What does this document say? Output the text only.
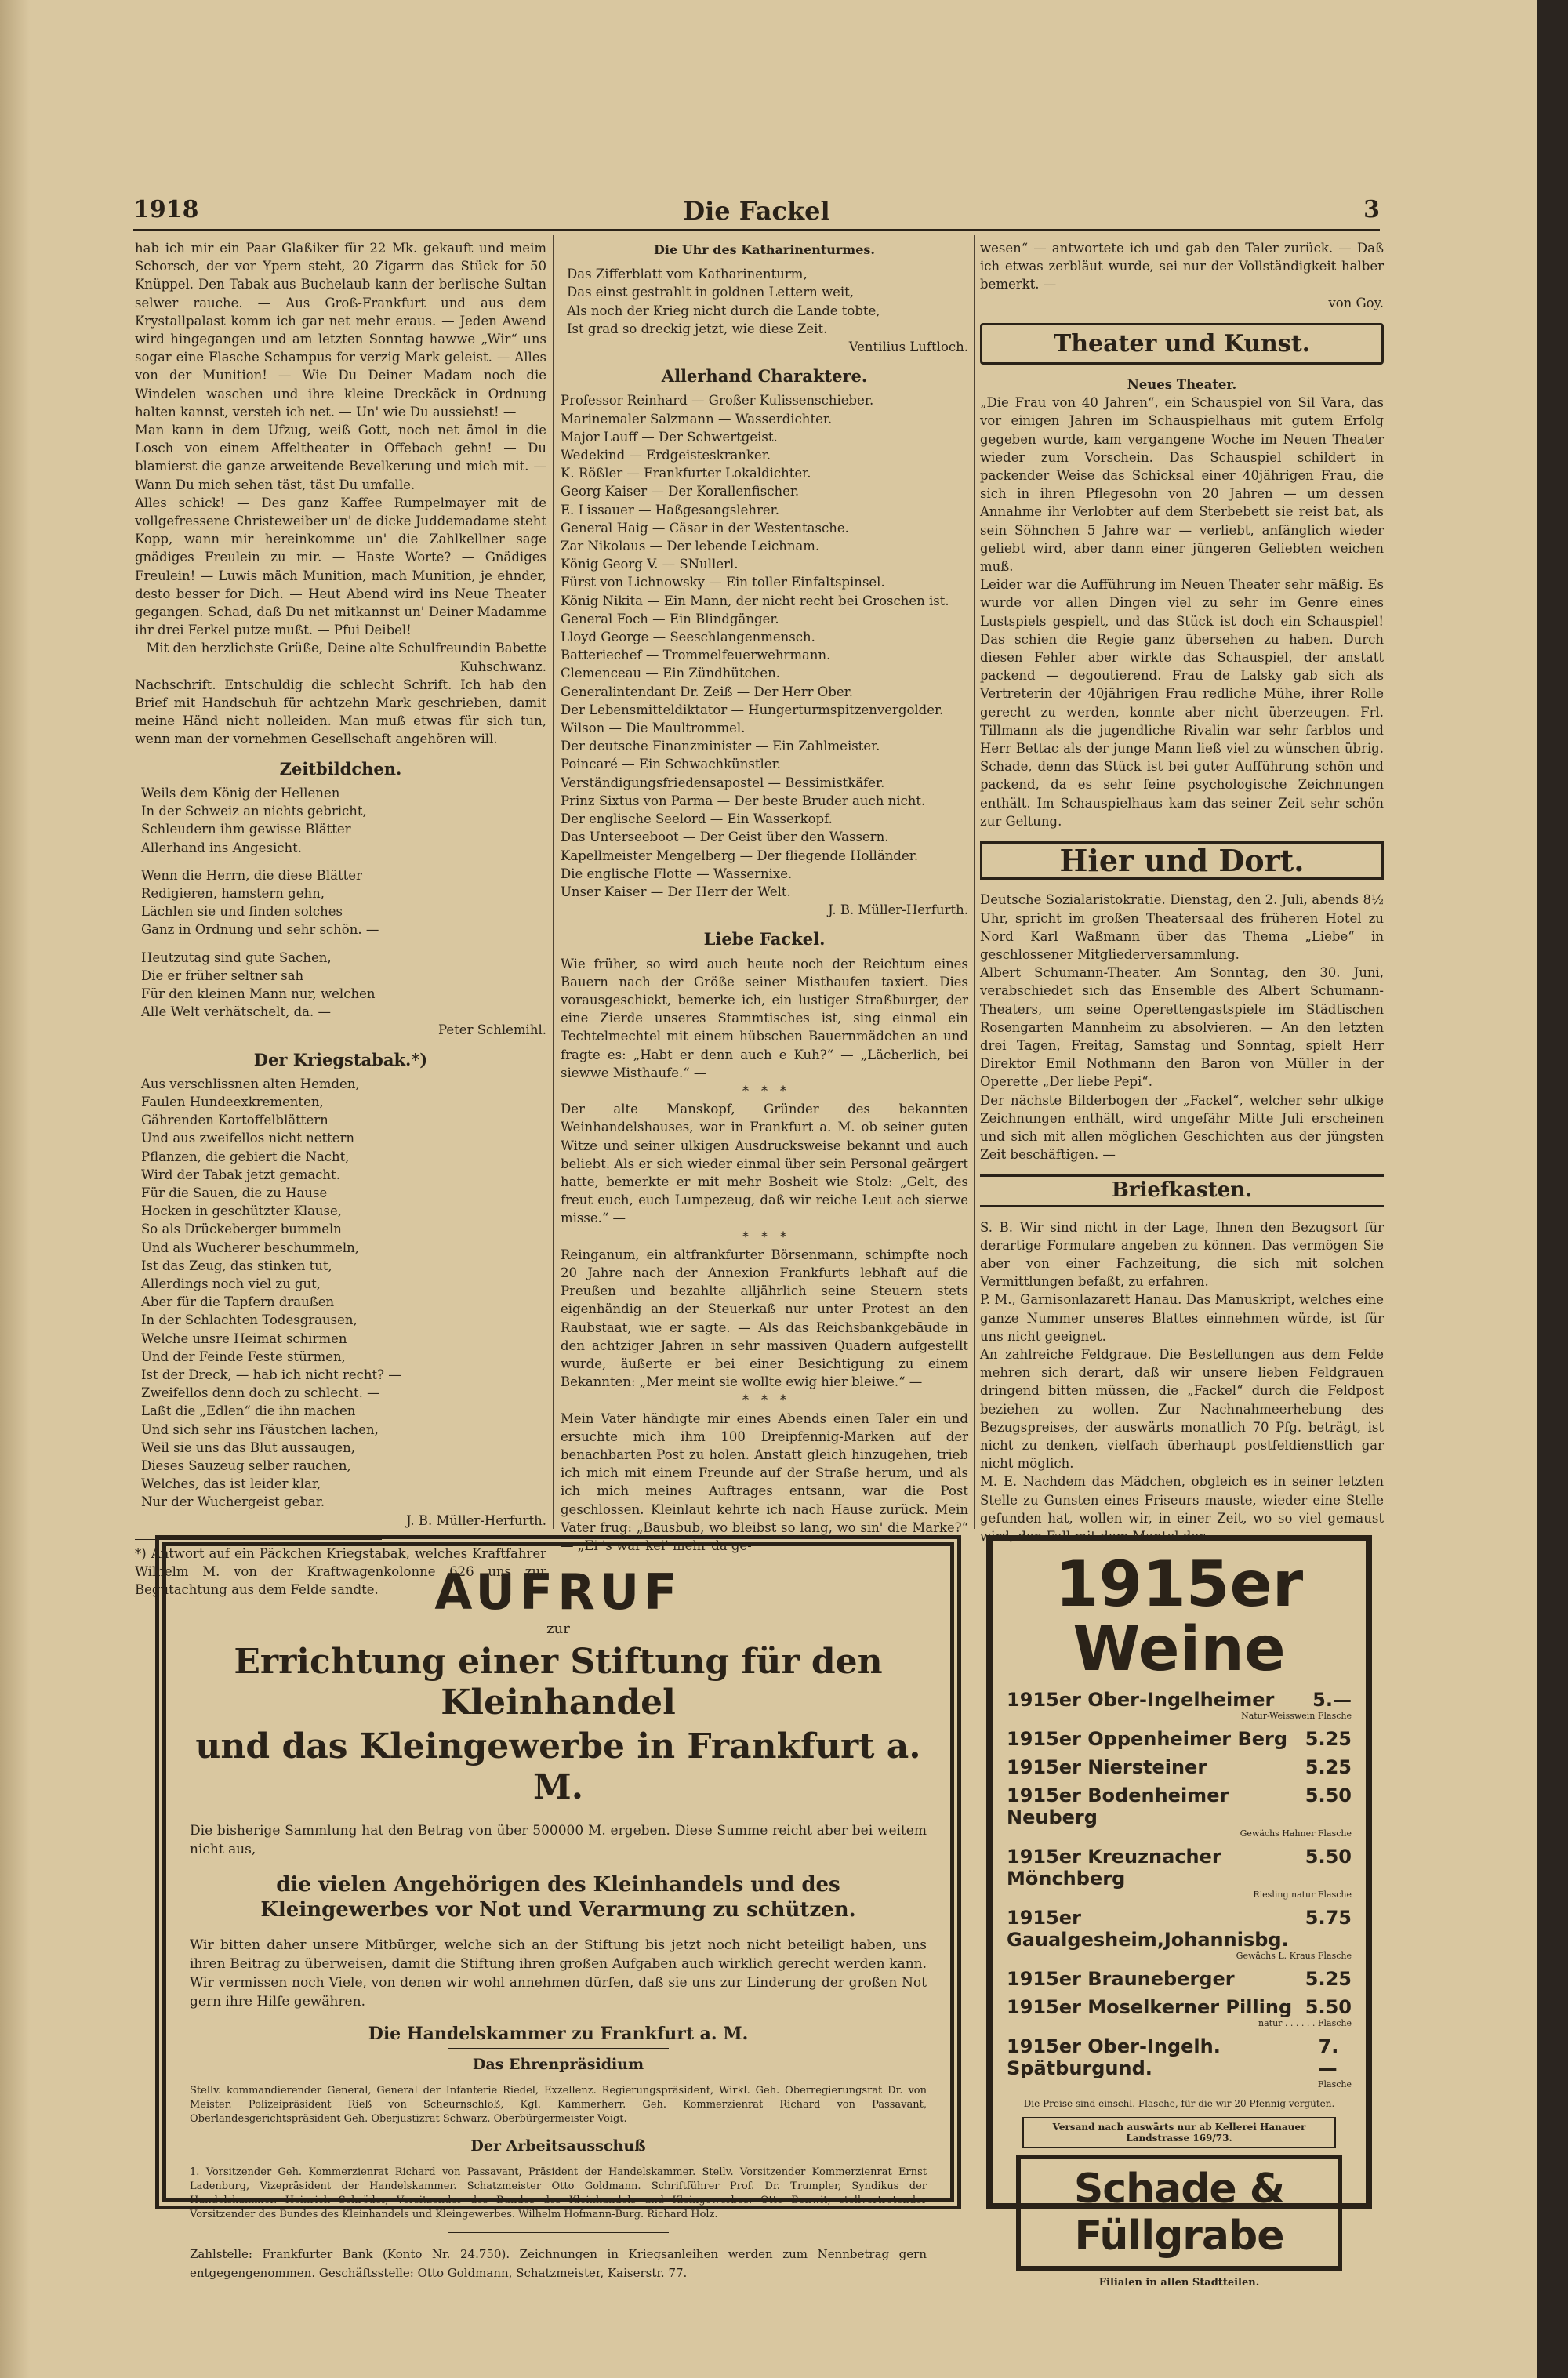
1918	Die Fackel	3

hab ich mir ein Paar Glaßiker für 22 Mk. gekauft und meim Schorsch, der vor Ypern steht, 20 Zigarrn das Stück for 50 Knüppel. Den Tabak aus Buchelaub kann der berlische Sultan selwer rauche. — Aus Groß-Frankfurt und aus dem Krystallpalast komm ich gar net mehr eraus. — Jeden Awend wird hingegangen und am letzten Sonntag hawwe „Wir“ uns sogar eine Flasche Schampus for verzig Mark geleist. — Alles von der Munition! — Wie Du Deiner Madam noch die Windelen waschen und ihre kleine Dreckäck in Ordnung halten kannst, versteh ich net. — Un' wie Du aussiehst! —

Man kann in dem Ufzug, weiß Gott, noch net ämol in die Losch von einem Affeltheater in Offebach gehn! — Du blamierst die ganze arweitende Bevelkerung und mich mit. — Wann Du mich sehen täst, täst Du umfalle.

Alles schick! — Des ganz Kaffee Rumpelmayer mit de vollgefressene Christeweiber un' de dicke Juddemadame steht Kopp, wann mir hereinkomme un' die Zahlkellner sage gnädiges Freulein zu mir. — Haste Worte? — Gnädiges Freulein! — Luwis mäch Munition, mach Munition, je ehnder, desto besser for Dich. — Heut Abend wird ins Neue Theater gegangen. Schad, daß Du net mitkannst un' Deiner Madamme ihr drei Ferkel putze mußt. — Pfui Deibel!

Mit den herzlichste Grüße, Deine alte Schulfreundin Babette Kuhschwanz.

Nachschrift. Entschuldig die schlecht Schrift. Ich hab den Brief mit Handschuh für achtzehn Mark geschrieben, damit meine Händ nicht nolleiden. Man muß etwas für sich tun, wenn man der vornehmen Gesellschaft angehören will.

Zeitbildchen.

Weils dem König der Hellenen
In der Schweiz an nichts gebricht,
Schleudern ihm gewisse Blätter
Allerhand ins Angesicht.

Wenn die Herrn, die diese Blätter
Redigieren, hamstern gehn,
Lächlen sie und finden solches
Ganz in Ordnung und sehr schön. —

Heutzutag sind gute Sachen,
Die er früher seltner sah
Für den kleinen Mann nur, welchen
Alle Welt verhätschelt, da. —

Peter Schlemihl.

Der Kriegstabak.*)

Aus verschlissnen alten Hemden,
Faulen Hundeexkrementen,
Gährenden Kartoffelblättern
Und aus zweifellos nicht nettern
Pflanzen, die gebiert die Nacht,
Wird der Tabak jetzt gemacht.
Für die Sauen, die zu Hause
Hocken in geschützter Klause,
So als Drückeberger bummeln
Und als Wucherer beschummeln,
Ist das Zeug, das stinken tut,
Allerdings noch viel zu gut,
Aber für die Tapfern draußen
In der Schlachten Todesgrausen,
Welche unsre Heimat schirmen
Und der Feinde Feste stürmen,
Ist der Dreck, — hab ich nicht recht? —
Zweifellos denn doch zu schlecht. —
Laßt die „Edlen“ die ihn machen
Und sich sehr ins Fäustchen lachen,
Weil sie uns das Blut aussaugen,
Dieses Sauzeug selber rauchen,
Welches, das ist leider klar,
Nur der Wuchergeist gebar.

J. B. Müller-Herfurth.

*) Antwort auf ein Päckchen Kriegstabak, welches Kraftfahrer Wilhelm M. von der Kraftwagenkolonne 626 uns zur Begutachtung aus dem Felde sandte.

Die Uhr des Katharinenturmes.

Das Zifferblatt vom Katharinenturm,
Das einst gestrahlt in goldnen Lettern weit,
Als noch der Krieg nicht durch die Lande tobte,
Ist grad so dreckig jetzt, wie diese Zeit.

Ventilius Luftloch.

Allerhand Charaktere.

Professor Reinhard — Großer Kulissenschieber.
Marinemaler Salzmann — Wasserdichter.
Major Lauff — Der Schwertgeist.
Wedekind — Erdgeisteskranker.
K. Rößler — Frankfurter Lokaldichter.
Georg Kaiser — Der Korallenfischer.
E. Lissauer — Haßgesangslehrer.
General Haig — Cäsar in der Westentasche.
Zar Nikolaus — Der lebende Leichnam.
König Georg V. — SNullerl.
Fürst von Lichnowsky — Ein toller Einfaltspinsel.
König Nikita — Ein Mann, der nicht recht bei Groschen ist.
General Foch — Ein Blindgänger.
Lloyd George — Seeschlangenmensch.
Batteriechef — Trommelfeuerwehrmann.
Clemenceau — Ein Zündhütchen.
Generalintendant Dr. Zeiß — Der Herr Ober.
Der Lebensmitteldiktator — Hungerturmspitzenvergolder.
Wilson — Die Maultrommel.
Der deutsche Finanzminister — Ein Zahlmeister.
Poincaré — Ein Schwachkünstler.
Verständigungsfriedensapostel — Bessimistkäfer.
Prinz Sixtus von Parma — Der beste Bruder auch nicht.
Der englische Seelord — Ein Wasserkopf.
Das Unterseeboot — Der Geist über den Wassern.
Kapellmeister Mengelberg — Der fliegende Holländer.
Die englische Flotte — Wassernixe.
Unser Kaiser — Der Herr der Welt.

J. B. Müller-Herfurth.

Liebe Fackel.

Wie früher, so wird auch heute noch der Reichtum eines Bauern nach der Größe seiner Misthaufen taxiert. Dies vorausgeschickt, bemerke ich, ein lustiger Straßburger, der eine Zierde unseres Stammtisches ist, sing einmal ein Techtelmechtel mit einem hübschen Bauernmädchen an und fragte es: „Habt er denn auch e Kuh?“ — „Lächerlich, bei siewwe Misthaufe.“ —

*   *   *

Der alte Manskopf, Gründer des bekannten Weinhandelshauses, war in Frankfurt a. M. ob seiner guten Witze und seiner ulkigen Ausdrucksweise bekannt und auch beliebt. Als er sich wieder einmal über sein Personal geärgert hatte, bemerkte er mit mehr Bosheit wie Stolz: „Gelt, des freut euch, euch Lumpezeug, daß wir reiche Leut ach sierwe misse.“ —

*   *   *

Reinganum, ein altfrankfurter Börsenmann, schimpfte noch 20 Jahre nach der Annexion Frankfurts lebhaft auf die Preußen und bezahlte alljährlich seine Steuern stets eigenhändig an der Steuerkaß nur unter Protest an den Raubstaat, wie er sagte. — Als das Reichsbankgebäude in den achtziger Jahren in sehr massiven Quadern aufgestellt wurde, äußerte er bei einer Besichtigung zu einem Bekannten: „Mer meint sie wollte ewig hier bleiwe.“ —

*   *   *

Mein Vater händigte mir eines Abends einen Taler ein und ersuchte mich ihm 100 Dreipfennig-Marken auf der benachbarten Post zu holen. Anstatt gleich hinzugehen, trieb ich mich mit einem Freunde auf der Straße herum, und als ich mich meines Auftrages entsann, war die Post geschlossen. Kleinlaut kehrte ich nach Hause zurück. Mein Vater frug: „Bausbub, wo bleibst so lang, wo sin' die Marke?“ — „Ei 's war kei' mehr da ge-

wesen“ — antwortete ich und gab den Taler zurück. — Daß ich etwas zerbläut wurde, sei nur der Vollständigkeit halber bemerkt. —

von Goy.

Theater und Kunst.
Neues Theater.

„Die Frau von 40 Jahren“, ein Schauspiel von Sil Vara, das vor einigen Jahren im Schauspielhaus mit gutem Erfolg gegeben wurde, kam vergangene Woche im Neuen Theater wieder zum Vorschein. Das Schauspiel schildert in packender Weise das Schicksal einer 40jährigen Frau, die sich in ihren Pflegesohn von 20 Jahren — um dessen Annahme ihr Verlobter auf dem Sterbebett sie reist bat, als sein Söhnchen 5 Jahre war — verliebt, anfänglich wieder geliebt wird, aber dann einer jüngeren Geliebten weichen muß.

Leider war die Aufführung im Neuen Theater sehr mäßig. Es wurde vor allen Dingen viel zu sehr im Genre eines Lustspiels gespielt, und das Stück ist doch ein Schauspiel! Das schien die Regie ganz übersehen zu haben. Durch diesen Fehler aber wirkte das Schauspiel, der anstatt packend — degoutierend. Frau de Lalsky gab sich als Vertreterin der 40jährigen Frau redliche Mühe, ihrer Rolle gerecht zu werden, konnte aber nicht überzeugen. Frl. Tillmann als die jugendliche Rivalin war sehr farblos und Herr Bettac als der junge Mann ließ viel zu wünschen übrig. Schade, denn das Stück ist bei guter Aufführung schön und packend, da es sehr feine psychologische Zeichnungen enthält. Im Schauspielhaus kam das seiner Zeit sehr schön zur Geltung.

Hier und Dort.

Deutsche Sozialaristokratie. Dienstag, den 2. Juli, abends 8½ Uhr, spricht im großen Theatersaal des früheren Hotel zu Nord Karl Waßmann über das Thema „Liebe“ in geschlossener Mitgliederversammlung.

Albert Schumann-Theater. Am Sonntag, den 30. Juni, verabschiedet sich das Ensemble des Albert Schumann-Theaters, um seine Operettengastspiele im Städtischen Rosengarten Mannheim zu absolvieren. — An den letzten drei Tagen, Freitag, Samstag und Sonntag, spielt Herr Direktor Emil Nothmann den Baron von Müller in der Operette „Der liebe Pepi“.

Der nächste Bilderbogen der „Fackel“, welcher sehr ulkige Zeichnungen enthält, wird ungefähr Mitte Juli erscheinen und sich mit allen möglichen Geschichten aus der jüngsten Zeit beschäftigen. —

Briefkasten.

S. B. Wir sind nicht in der Lage, Ihnen den Bezugsort für derartige Formulare angeben zu können. Das vermögen Sie aber von einer Fachzeitung, die sich mit solchen Vermittlungen befaßt, zu erfahren.

P. M., Garnisonlazarett Hanau. Das Manuskript, welches eine ganze Nummer unseres Blattes einnehmen würde, ist für uns nicht geeignet.

An zahlreiche Feldgraue. Die Bestellungen aus dem Felde mehren sich derart, daß wir unsere lieben Feldgrauen dringend bitten müssen, die „Fackel“ durch die Feldpost beziehen zu wollen. Zur Nachnahmeerhebung des Bezugspreises, der auswärts monatlich 70 Pfg. beträgt, ist nicht zu denken, vielfach überhaupt postfeldienstlich gar nicht möglich.

M. E. Nachdem das Mädchen, obgleich es in seiner letzten Stelle zu Gunsten eines Friseurs mauste, wieder eine Stelle gefunden hat, wollen wir, in einer Zeit, wo so viel gemaust wird, den Fall mit dem Mantel der

AUFRUF
zur
Errichtung einer Stiftung für den Kleinhandel
und das Kleingewerbe in Frankfurt a. M.

Die bisherige Sammlung hat den Betrag von über 500000 M. ergeben. Diese Summe reicht aber bei weitem nicht aus,

die vielen Angehörigen des Kleinhandels und des Kleingewerbes vor Not und Verarmung zu schützen.

Wir bitten daher unsere Mitbürger, welche sich an der Stiftung bis jetzt noch nicht beteiligt haben, uns ihren Beitrag zu überweisen, damit die Stiftung ihren großen Aufgaben auch wirklich gerecht werden kann. Wir vermissen noch Viele, von denen wir wohl annehmen dürfen, daß sie uns zur Linderung der großen Not gern ihre Hilfe gewähren.

Die Handelskammer zu Frankfurt a. M.
Das Ehrenpräsidium

Stellv. kommandierender General, General der Infanterie Riedel, Exzellenz. Regierungspräsident, Wirkl. Geh. Oberregierungsrat Dr. von Meister. Polizeipräsident Rieß von Scheurnschloß, Kgl. Kammerherr. Geh. Kommerzienrat Richard von Passavant, Oberlandesgerichtspräsident Geh. Oberjustizrat Schwarz. Oberbürgermeister Voigt.

Der Arbeitsausschuß

1. Vorsitzender Geh. Kommerzienrat Richard von Passavant, Präsident der Handelskammer. Stellv. Vorsitzender Kommerzienrat Ernst Ladenburg, Vizepräsident der Handelskammer. Schatzmeister Otto Goldmann. Schriftführer Prof. Dr. Trumpler, Syndikus der Handelskammer. Heinrich Schröder, Vorsitzender des Bundes des Kleinhandels und Kleingewerbes. Otto Bonwit, stellvertretender Vorsitzender des Bundes des Kleinhandels und Kleingewerbes. Wilhelm Hofmann-Burg. Richard Holz.

Zahlstelle: Frankfurter Bank (Konto Nr. 24.750). Zeichnungen in Kriegsanleihen werden zum Nennbetrag gern entgegengenommen. Geschäftsstelle: Otto Goldmann, Schatzmeister, Kaiserstr. 77.

1915er
Weine
1915er Ober-Ingelheimer 5.—
Natur-Weisswein Flasche
1915er Oppenheimer Berg 5.25
1915er Niersteiner	5.25
1915er Bodenheimer Neuberg
5.50
Gewächs Hahner Flasche
1915er Kreuznacher Mönchberg
5.50
Riesling natur Flasche
1915er Gaualgesheim,Johannisbg.
5.75
Gewächs L. Kraus Flasche
1915er Brauneberger	5.25
1915er Moselkerner Pilling 5.50
natur . . . . . . Flasche
1915er Ober-Ingelh. Spätburgund.
7.—
Flasche
Die Preise sind einschl. Flasche, für die wir 20 Pfennig vergüten.
Versand nach auswärts nur ab Kellerei Hanauer Landstrasse 169/73.
Schade & Füllgrabe
Filialen in allen Stadtteilen.
